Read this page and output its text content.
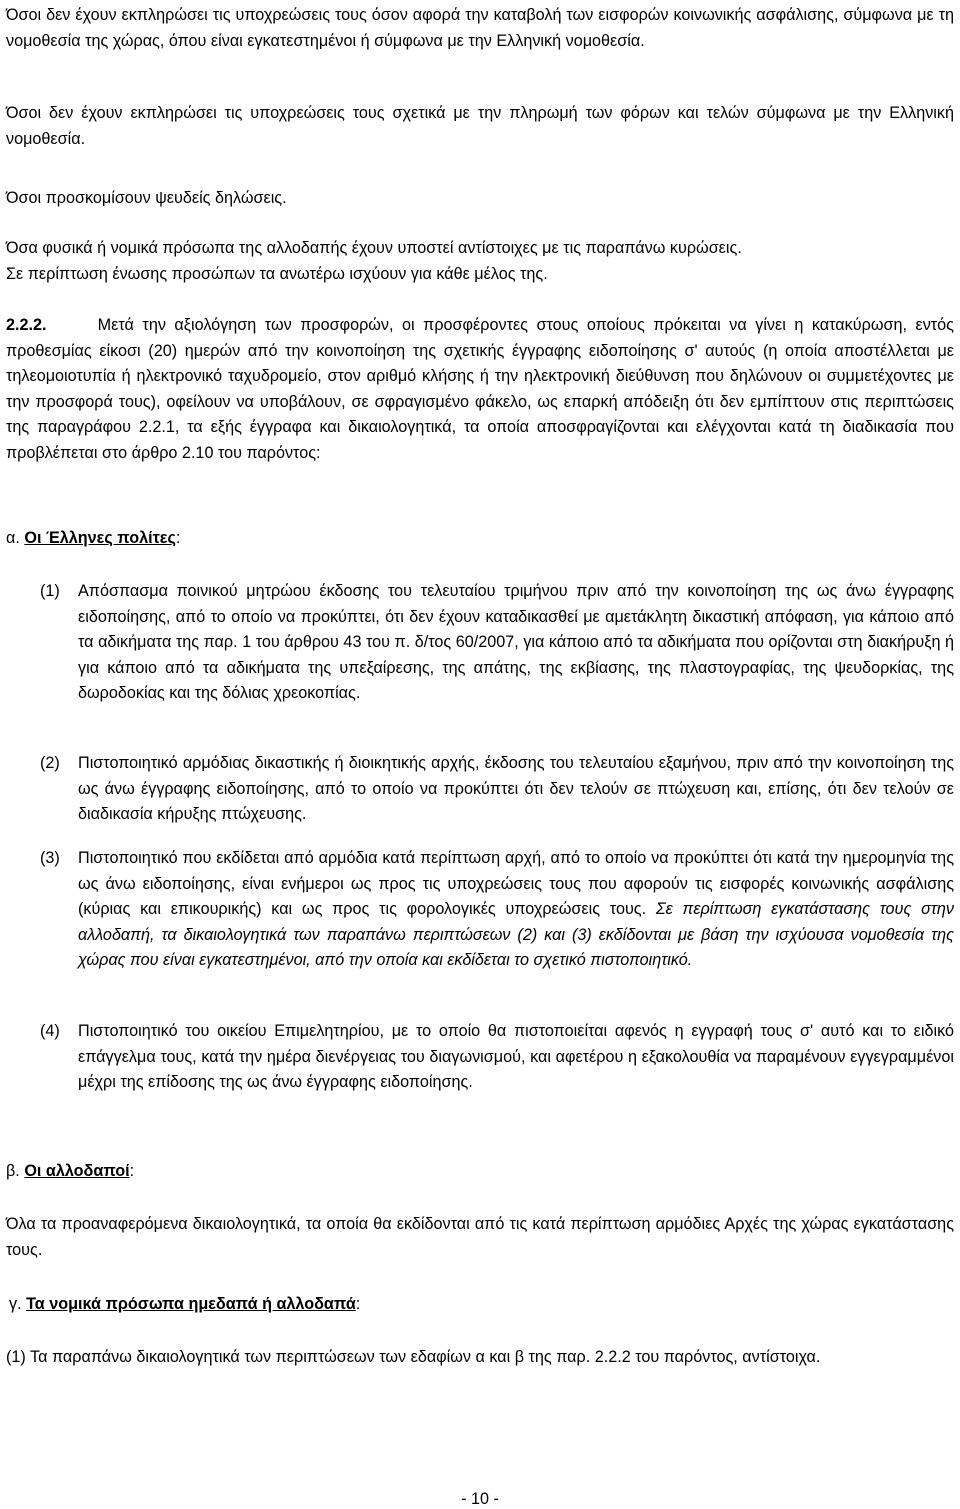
Όσοι δεν έχουν εκπληρώσει τις υποχρεώσεις τους όσον αφορά την καταβολή των εισφορών κοινωνικής ασφάλισης, σύμφωνα με τη νομοθεσία της χώρας, όπου είναι εγκατεστημένοι ή σύμφωνα με την Ελληνική νομοθεσία.

Όσοι δεν έχουν εκπληρώσει τις υποχρεώσεις τους σχετικά με την πληρωμή των φόρων και τελών σύμφωνα με την Ελληνική νομοθεσία.

Όσοι προσκομίσουν ψευδείς δηλώσεις.

Όσα φυσικά ή νομικά πρόσωπα της αλλοδαπής έχουν υποστεί αντίστοιχες με τις παραπάνω κυρώσεις.

Σε περίπτωση ένωσης προσώπων τα ανωτέρω ισχύουν για κάθε μέλος της.

2.2.2.	Μετά την αξιολόγηση των προσφορών, οι προσφέροντες στους οποίους πρόκειται να γίνει η κατακύρωση, εντός προθεσμίας είκοσι (20) ημερών από την κοινοποίηση της σχετικής έγγραφης ειδοποίησης σ' αυτούς (η οποία αποστέλλεται με τηλεομοιοτυπία ή ηλεκτρονικό ταχυδρομείο, στον αριθμό κλήσης ή την ηλεκτρονική διεύθυνση που δηλώνουν οι συμμετέχοντες με την προσφορά τους), οφείλουν να υποβάλουν, σε σφραγισμένο φάκελο, ως επαρκή απόδειξη ότι δεν εμπίπτουν στις περιπτώσεις της παραγράφου 2.2.1, τα εξής έγγραφα και δικαιολογητικά, τα οποία αποσφραγίζονται και ελέγχονται κατά τη διαδικασία που προβλέπεται στο άρθρο 2.10 του παρόντος:

α. Οι Έλληνες πολίτες:

(1) Απόσπασμα ποινικού μητρώου έκδοσης του τελευταίου τριμήνου πριν από την κοινοποίηση της ως άνω έγγραφης ειδοποίησης, από το οποίο να προκύπτει, ότι δεν έχουν καταδικασθεί με αμετάκλητη δικαστική απόφαση, για κάποιο από τα αδικήματα της παρ. 1 του άρθρου 43 του π. δ/τος 60/2007, για κάποιο από τα αδικήματα που ορίζονται στη διακήρυξη ή για κάποιο από τα αδικήματα της υπεξαίρεσης, της απάτης, της εκβίασης, της πλαστογραφίας, της ψευδορκίας, της δωροδοκίας και της δόλιας χρεοκοπίας.

(2) Πιστοποιητικό αρμόδιας δικαστικής ή διοικητικής αρχής, έκδοσης του τελευταίου εξαμήνου, πριν από την κοινοποίηση της ως άνω έγγραφης ειδοποίησης, από το οποίο να προκύπτει ότι δεν τελούν σε πτώχευση και, επίσης, ότι δεν τελούν σε διαδικασία κήρυξης πτώχευσης.

(3) Πιστοποιητικό που εκδίδεται από αρμόδια κατά περίπτωση αρχή, από το οποίο να προκύπτει ότι κατά την ημερομηνία της ως άνω ειδοποίησης, είναι ενήμεροι ως προς τις υποχρεώσεις τους που αφορούν τις εισφορές κοινωνικής ασφάλισης (κύριας και επικουρικής) και ως προς τις φορολογικές υποχρεώσεις τους. Σε περίπτωση εγκατάστασης τους στην αλλοδαπή, τα δικαιολογητικά των παραπάνω περιπτώσεων (2) και (3) εκδίδονται με βάση την ισχύουσα νομοθεσία της χώρας που είναι εγκατεστημένοι, από την οποία και εκδίδεται το σχετικό πιστοποιητικό.

(4) Πιστοποιητικό του οικείου Επιμελητηρίου, με το οποίο θα πιστοποιείται αφενός η εγγραφή τους σ' αυτό και το ειδικό επάγγελμα τους, κατά την ημέρα διενέργειας του διαγωνισμού, και αφετέρου η εξακολουθία να παραμένουν εγγεγραμμένοι μέχρι της επίδοσης της ως άνω έγγραφης ειδοποίησης.

β. Οι αλλοδαποί:

Όλα τα προαναφερόμενα δικαιολογητικά, τα οποία θα εκδίδονται από τις κατά περίπτωση αρμόδιες Αρχές της χώρας εγκατάστασης τους.

γ. Τα νομικά πρόσωπα ημεδαπά ή αλλοδαπά:

(1) Τα παραπάνω δικαιολογητικά των περιπτώσεων των εδαφίων α και β της παρ. 2.2.2 του παρόντος, αντίστοιχα.

- 10 -
